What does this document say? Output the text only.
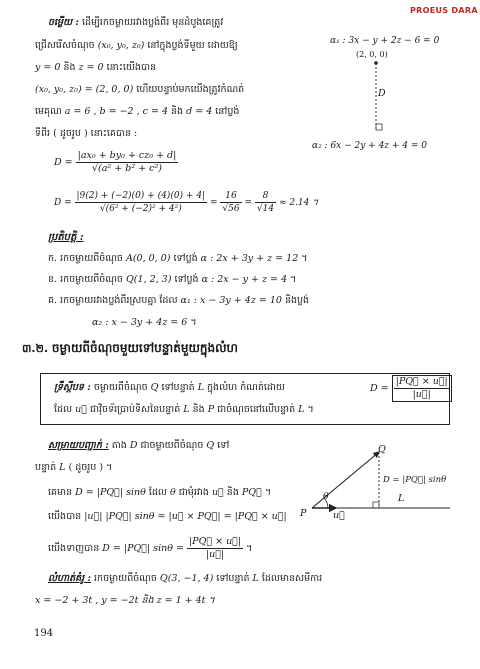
PROEUS DARA
ចម្លើយ : ដើម្បីរកចម្ងាយរវាងប្លង់ពីរ មុនដំបូងគេត្រូវ
ជ្រើសរើសចំណុច (x₀, y₀, z₀) នៅក្នុងប្លង់ទីមួយ ដោយឱ្យ
y = 0 និង z = 0 នោះយើងបាន
(x₀, y₀, z₀) = (2, 0, 0) ហើយបន្ទាប់មកយើងត្រូវកំណត់
មេគុណ a = 6 , b = −2 , c = 4 និង d = 4 នៅប្លង់
ទីពីរ ( ដូចរូប ) នោះគេបាន :
α₁ : 3x − y + 2z − 6 = 0
(2, 0, 0)
D
α₂ : 6x − 2y + 4z + 4 = 0
$D = \frac{\text{|ax₀ + by₀ + cz₀ + d|}}{\text{√(a² + b² + c²)}}$
$D = \frac{|9(2) + (-2)(0) + (4)(0) + 4|}{\text{√(6² + (−2)² + 4²)}} = \frac{16}{√56} = \frac{8}{√14} \approx 2.14$ ។
ប្រតិបត្តិ :
ក. រកចម្ងាយពីចំណុច A(0, 0, 0) ទៅប្លង់ α : 2x + 3y + z = 12 ។
ខ. រកចម្ងាយពីចំណុច Q(1, 2, 3) ទៅប្លង់ α : 2x − y + z = 4 ។
គ. រកចម្ងាយរវាងប្លង់ពីរស្របគ្នា ដែល α₁ : x − 3y + 4z = 10 និងប្លង់
α₂ : x − 3y + 4z = 6 ។
៣.២. ចម្ងាយពីចំណុចមួយទៅបន្ទាត់មួយក្នុងលំហ
ទ្រឹស្តីបទ : ចម្ងាយពីចំណុច Q ទៅបន្ទាត់ L ក្នុងលំហ កំណត់ដោយ	$D = \frac{|PQ⃗ \times u⃗|}{|u⃗|}$
ដែល u⃗ ជាវ៉ិចទ័រប្រាប់ទិសនៃបន្ទាត់ L និង P ជាចំណុចនៅលើបន្ទាត់ L ។
សម្រាយបញ្ជាក់ : តាង D ជាចម្ងាយពីចំណុច Q ទៅ
បន្ទាត់ L ( ដូចរូប ) ។
គេមាន D = |PQ⃗| sinθ ដែល θ ជាមុំរវាង u⃗ និង PQ⃗ ។
យើងបាន |u⃗| |PQ⃗| sinθ = |u⃗ × PQ⃗| = |PQ⃗ × u⃗|
យើងទាញបាន D = |PQ⃗| $\sin\theta = \frac{|PQ⃗ \times u⃗|}{|u⃗|}$ ។
Q
P
L
θ
u⃗
D = |PQ⃗| sinθ
លំហាត់គំរូ : រកចម្ងាយពីចំណុច Q(3, −1, 4) ទៅបន្ទាត់ L ដែលមានសមីការ
x = −2 + 3t , y = −2t និង z = 1 + 4t ។
194
